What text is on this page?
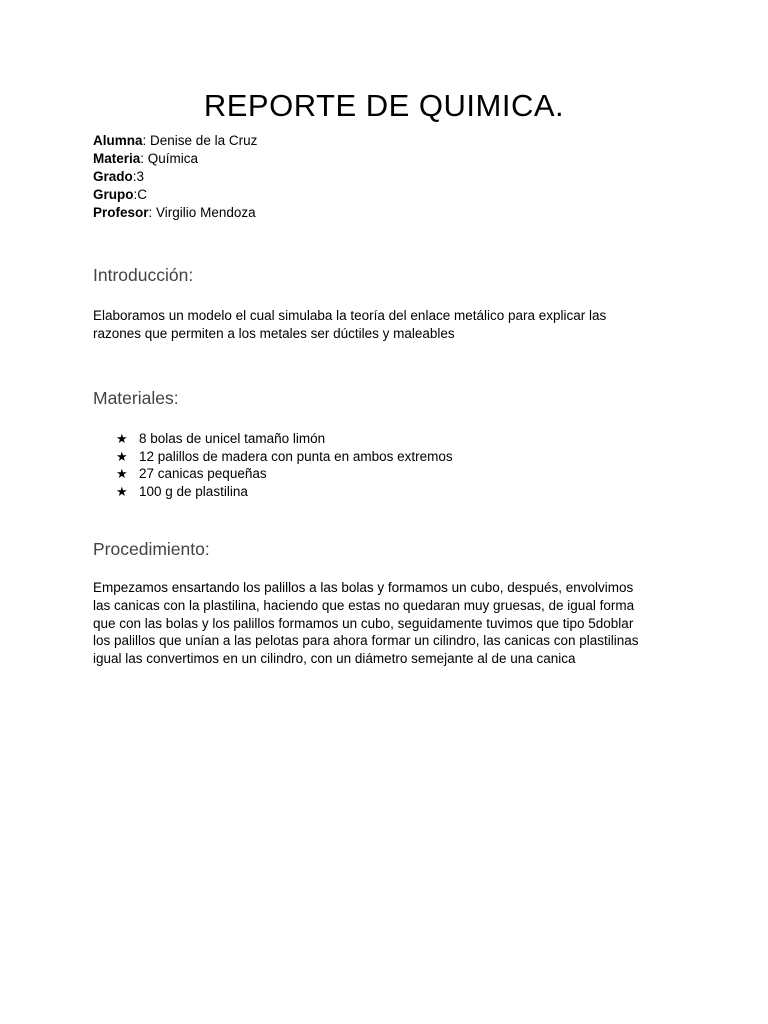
REPORTE DE QUIMICA.
Alumna: Denise de la Cruz
Materia: Química
Grado:3
Grupo:C
Profesor: Virgilio Mendoza
Introducción:
Elaboramos un modelo el cual simulaba la teoría del enlace metálico para explicar las
razones que permiten a los metales ser dúctiles y maleables
Materiales:
★ 8 bolas de unicel tamaño limón
★ 12 palillos de madera con punta en ambos extremos
★ 27 canicas pequeñas
★ 100 g de plastilina
Procedimiento:
Empezamos ensartando los palillos a las bolas y formamos un cubo, después, envolvimos
las canicas con la plastilina, haciendo que estas no quedaran muy gruesas, de igual forma
que con las bolas y los palillos formamos un cubo, seguidamente tuvimos que tipo 5doblar
los palillos que unían a las pelotas para ahora formar un cilindro, las canicas con plastilinas
igual las convertimos en un cilindro, con un diámetro semejante al de una canica
